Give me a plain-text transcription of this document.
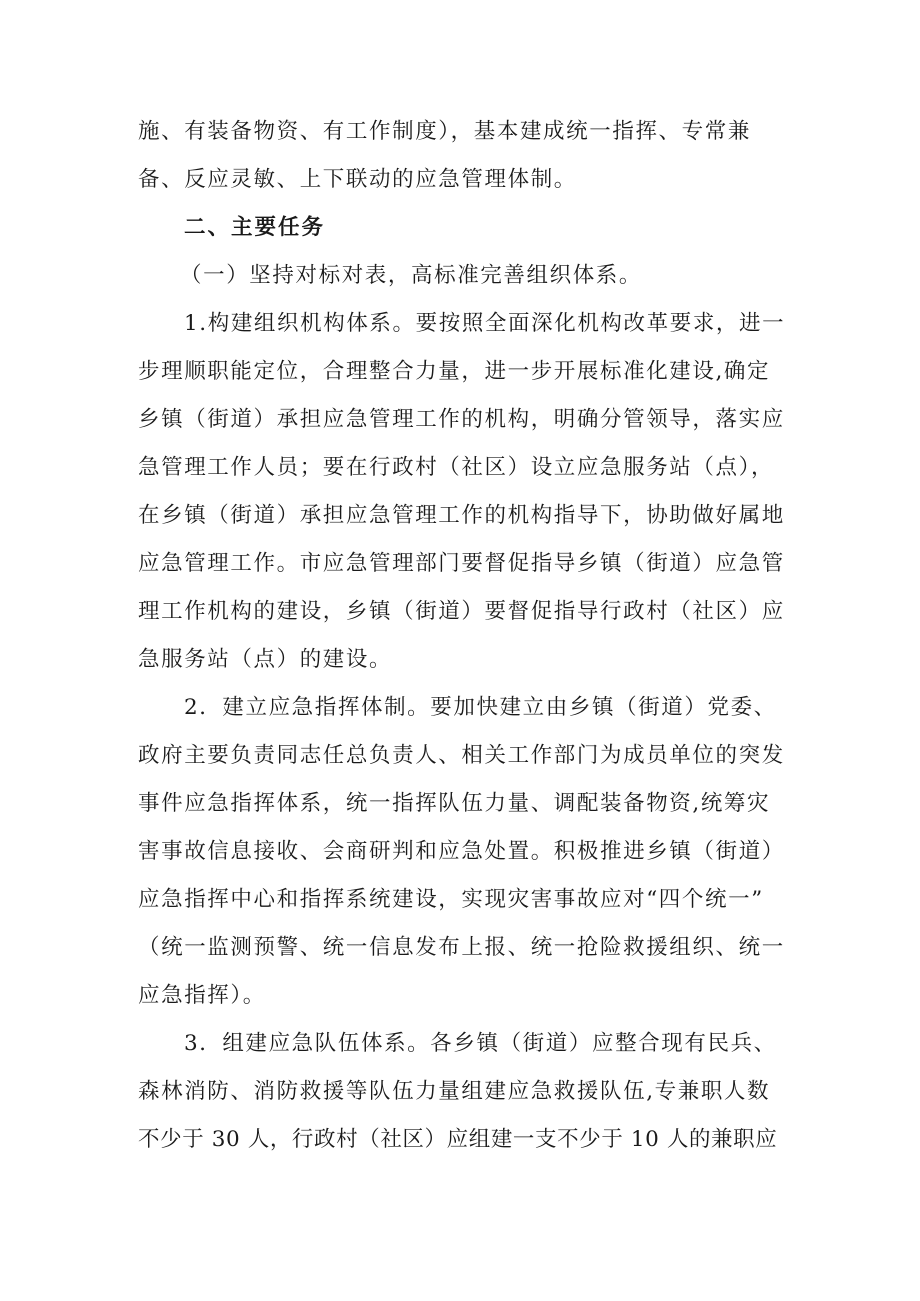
施、有装备物资、有工作制度），基本建成统一指挥、专常兼
备、反应灵敏、上下联动的应急管理体制。
二、主要任务
（一）坚持对标对表，高标准完善组织体系。
1.构建组织机构体系。要按照全面深化机构改革要求，进一
步理顺职能定位，合理整合力量，进一步开展标准化建设,确定
乡镇（街道）承担应急管理工作的机构，明确分管领导，落实应
急管理工作人员；要在行政村（社区）设立应急服务站（点），
在乡镇（街道）承担应急管理工作的机构指导下，协助做好属地
应急管理工作。市应急管理部门要督促指导乡镇（街道）应急管
理工作机构的建设，乡镇（街道）要督促指导行政村（社区）应
急服务站（点）的建设。
2．建立应急指挥体制。要加快建立由乡镇（街道）党委、
政府主要负责同志任总负责人、相关工作部门为成员单位的突发
事件应急指挥体系，统一指挥队伍力量、调配装备物资,统筹灾
害事故信息接收、会商研判和应急处置。积极推进乡镇（街道）
应急指挥中心和指挥系统建设，实现灾害事故应对“四个统一”
（统一监测预警、统一信息发布上报、统一抢险救援组织、统一
应急指挥）。
3．组建应急队伍体系。各乡镇（街道）应整合现有民兵、
森林消防、消防救援等队伍力量组建应急救援队伍,专兼职人数
不少于 30 人，行政村（社区）应组建一支不少于 10 人的兼职应
